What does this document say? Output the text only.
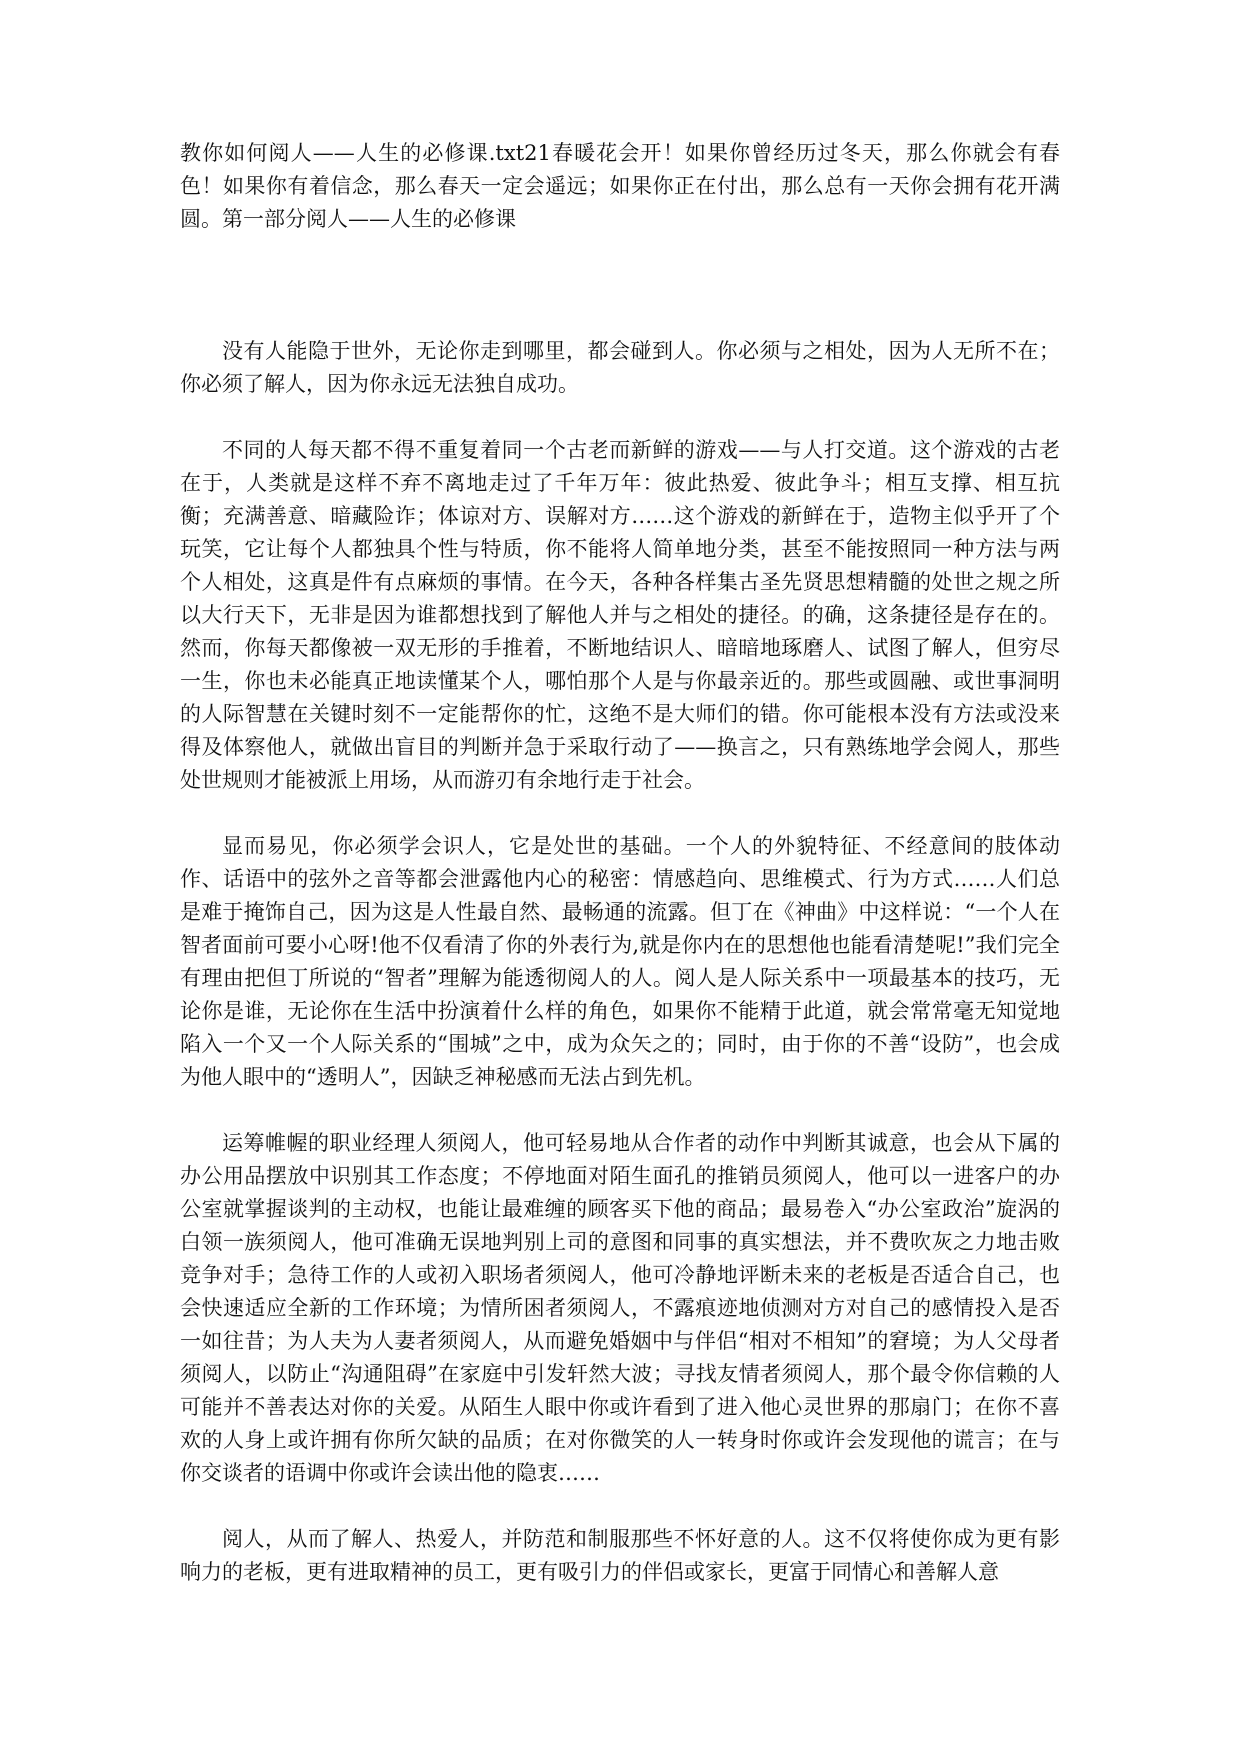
教你如何阅人——人生的必修课.txt21春暖花会开！如果你曾经历过冬天，那么你就会有春色！如果你有着信念，那么春天一定会遥远；如果你正在付出，那么总有一天你会拥有花开满圆。第一部分阅人——人生的必修课

没有人能隐于世外，无论你走到哪里，都会碰到人。你必须与之相处，因为人无所不在；你必须了解人，因为你永远无法独自成功。

不同的人每天都不得不重复着同一个古老而新鲜的游戏——与人打交道。这个游戏的古老在于，人类就是这样不弃不离地走过了千年万年：彼此热爱、彼此争斗；相互支撑、相互抗衡；充满善意、暗藏险诈；体谅对方、误解对方……这个游戏的新鲜在于，造物主似乎开了个玩笑，它让每个人都独具个性与特质，你不能将人简单地分类，甚至不能按照同一种方法与两个人相处，这真是件有点麻烦的事情。在今天，各种各样集古圣先贤思想精髓的处世之规之所以大行天下，无非是因为谁都想找到了解他人并与之相处的捷径。的确，这条捷径是存在的。然而，你每天都像被一双无形的手推着，不断地结识人、暗暗地琢磨人、试图了解人，但穷尽一生，你也未必能真正地读懂某个人，哪怕那个人是与你最亲近的。那些或圆融、或世事洞明的人际智慧在关键时刻不一定能帮你的忙，这绝不是大师们的错。你可能根本没有方法或没来得及体察他人，就做出盲目的判断并急于采取行动了——换言之，只有熟练地学会阅人，那些处世规则才能被派上用场，从而游刃有余地行走于社会。

显而易见，你必须学会识人，它是处世的基础。一个人的外貌特征、不经意间的肢体动作、话语中的弦外之音等都会泄露他内心的秘密：情感趋向、思维模式、行为方式……人们总是难于掩饰自己，因为这是人性最自然、最畅通的流露。但丁在《神曲》中这样说：“一个人在智者面前可要小心呀!他不仅看清了你的外表行为,就是你内在的思想他也能看清楚呢!”我们完全有理由把但丁所说的“智者”理解为能透彻阅人的人。阅人是人际关系中一项最基本的技巧，无论你是谁，无论你在生活中扮演着什么样的角色，如果你不能精于此道，就会常常毫无知觉地陷入一个又一个人际关系的“围城”之中，成为众矢之的；同时，由于你的不善“设防”，也会成为他人眼中的“透明人”，因缺乏神秘感而无法占到先机。

运筹帷幄的职业经理人须阅人，他可轻易地从合作者的动作中判断其诚意，也会从下属的办公用品摆放中识别其工作态度；不停地面对陌生面孔的推销员须阅人，他可以一进客户的办公室就掌握谈判的主动权，也能让最难缠的顾客买下他的商品；最易卷入“办公室政治”旋涡的白领一族须阅人，他可准确无误地判别上司的意图和同事的真实想法，并不费吹灰之力地击败竞争对手；急待工作的人或初入职场者须阅人，他可冷静地评断未来的老板是否适合自己，也会快速适应全新的工作环境；为情所困者须阅人，不露痕迹地侦测对方对自己的感情投入是否一如往昔；为人夫为人妻者须阅人，从而避免婚姻中与伴侣“相对不相知”的窘境；为人父母者须阅人，以防止“沟通阻碍”在家庭中引发轩然大波；寻找友情者须阅人，那个最令你信赖的人可能并不善表达对你的关爱。从陌生人眼中你或许看到了进入他心灵世界的那扇门；在你不喜欢的人身上或许拥有你所欠缺的品质；在对你微笑的人一转身时你或许会发现他的谎言；在与你交谈者的语调中你或许会读出他的隐衷……

阅人，从而了解人、热爱人，并防范和制服那些不怀好意的人。这不仅将使你成为更有影响力的老板，更有进取精神的员工，更有吸引力的伴侣或家长，更富于同情心和善解人意
